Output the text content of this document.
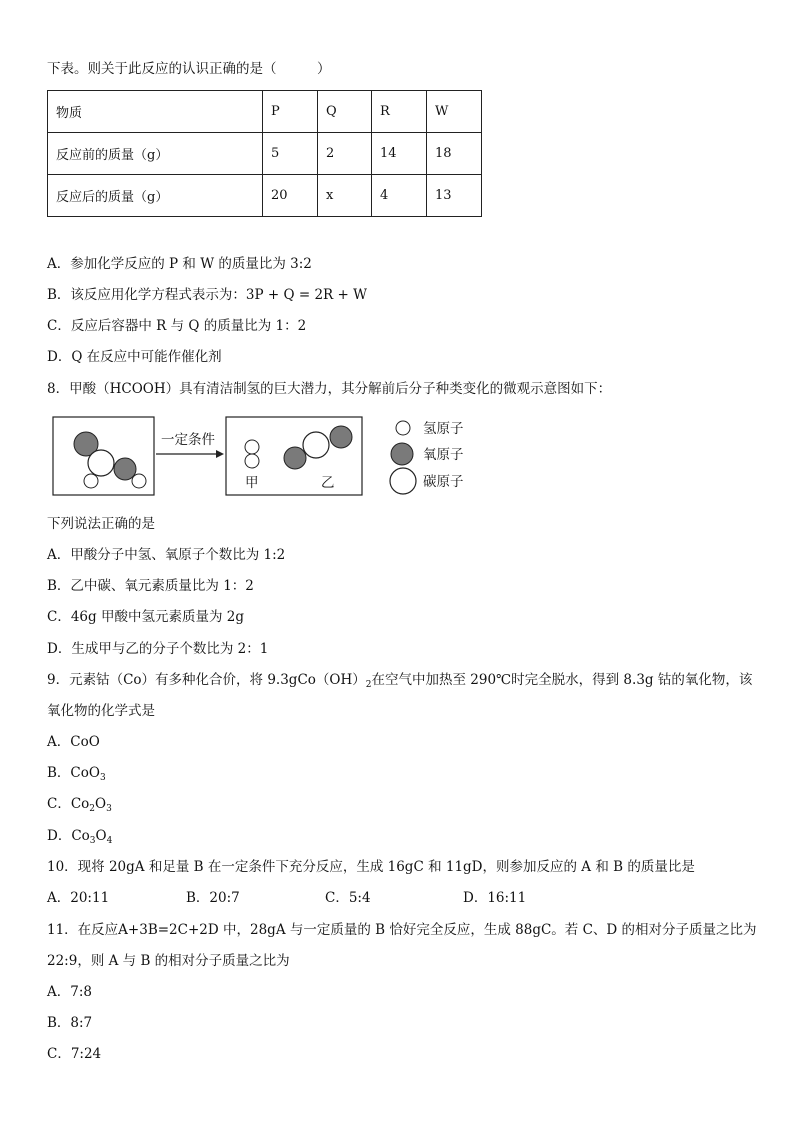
下表。则关于此反应的认识正确的是（　　　）
物质	P	Q	R	W
反应前的质量（g）	5	2	14	18
反应后的质量（g）	20	x	4	13
A．参加化学反应的 P 和 W 的质量比为 3:2
B．该反应用化学方程式表示为：3P + Q = 2R + W
C．反应后容器中 R 与 Q 的质量比为 1：2
D．Q 在反应中可能作催化剂
8．甲酸（HCOOH）具有清洁制氢的巨大潜力，其分解前后分子种类变化的微观示意图如下：
一定条件
甲	乙
氢原子
氧原子
碳原子
下列说法正确的是
A．甲酸分子中氢、氧原子个数比为 1:2
B．乙中碳、氧元素质量比为 1：2
C．46g 甲酸中氢元素质量为 2g
D．生成甲与乙的分子个数比为 2：1
9．元素钴（Co）有多种化合价，将 $9.3gCo(OH)_2$在空气中加热至 290℃时完全脱水，得到 8.3g 钴的氧化物，该
氧化物的化学式是
A．CoO
B．CoO$_3$
C．$Co_2O_3$
D．$Co_3O_4$
10．现将 20gA 和足量 B 在一定条件下充分反应，生成 16gC 和 11gD，则参加反应的 A 和 B 的质量比是
A．20:11	B．20:7	C．5:4	D．16:11
11．在反应A+3B=2C+2D 中，28gA 与一定质量的 B 恰好完全反应，生成 88gC。若 C、D 的相对分子质量之比为
22:9，则 A 与 B 的相对分子质量之比为
A．7:8
B．8:7
C．7:24
